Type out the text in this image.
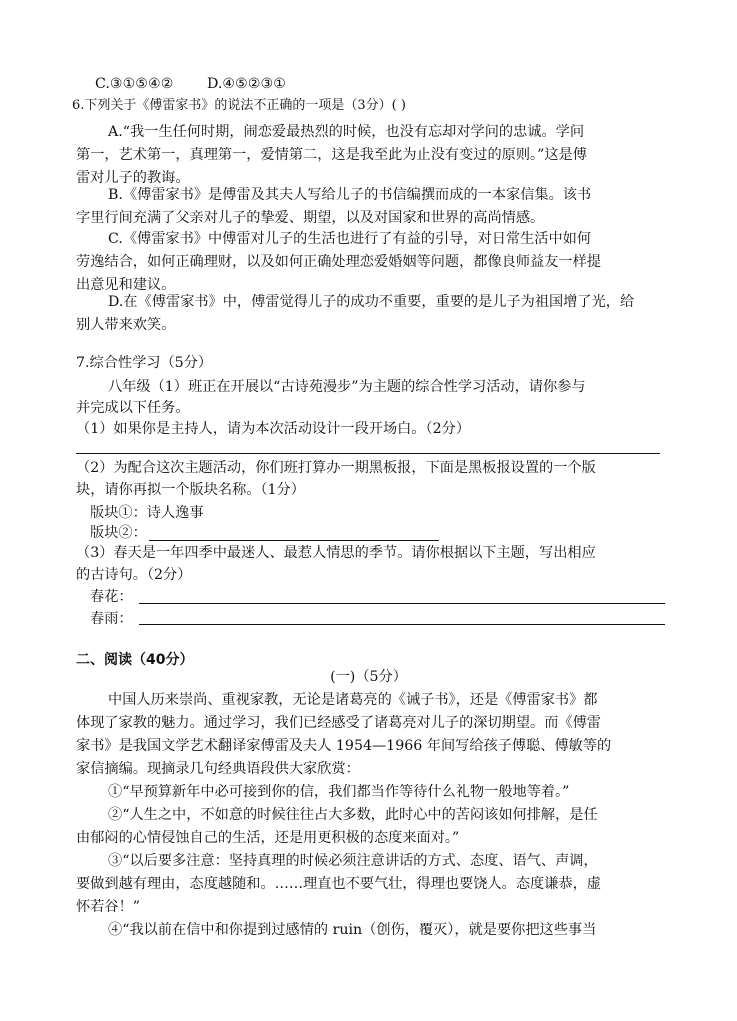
C.③①⑤④② D.④⑤②③①
6.下列关于《傅雷家书》的说法不正确的一项是（3分）( )
A.“我一生任何时期，闹恋爱最热烈的时候，也没有忘却对学问的忠诚。学问
第一，艺术第一，真理第一，爱情第二，这是我至此为止没有变过的原则。”这是傅
雷对儿子的教诲。
B.《傅雷家书》是傅雷及其夫人写给儿子的书信编撰而成的一本家信集。该书
字里行间充满了父亲对儿子的挚爱、期望，以及对国家和世界的高尚情感。
C.《傅雷家书》中傅雷对儿子的生活也进行了有益的引导，对日常生活中如何
劳逸结合，如何正确理财，以及如何正确处理恋爱婚姻等问题，都像良师益友一样提
出意见和建议。
D.在《傅雷家书》中，傅雷觉得儿子的成功不重要，重要的是儿子为祖国增了光，给
别人带来欢笑。
7.综合性学习（5分）
八年级（1）班正在开展以“古诗苑漫步”为主题的综合性学习活动，请你参与
并完成以下任务。
（1）如果你是主持人，请为本次活动设计一段开场白。（2分）
（2）为配合这次主题活动，你们班打算办一期黑板报，下面是黑板报设置的一个版
块，请你再拟一个版块名称。（1分）
版块①：诗人逸事
版块②：
（3）春天是一年四季中最迷人、最惹人情思的季节。请你根据以下主题，写出相应
的古诗句。（2分）
春花：
春雨：
二、阅读（40分）
(一)（5分）
中国人历来崇尚、重视家教，无论是诸葛亮的《诫子书》，还是《傅雷家书》都
体现了家教的魅力。通过学习，我们已经感受了诸葛亮对儿子的深切期望。而《傅雷
家书》是我国文学艺术翻译家傅雷及夫人 1954—1966 年间写给孩子傅聪、傅敏等的
家信摘编。现摘录几句经典语段供大家欣赏：
①“早预算新年中必可接到你的信，我们都当作等待什么礼物一般地等着。”
②“人生之中，不如意的时候往往占大多数，此时心中的苦闷该如何排解，是任
由郁闷的心情侵蚀自己的生活，还是用更积极的态度来面对。”
③“以后要多注意：坚持真理的时候必须注意讲话的方式、态度、语气、声调，
要做到越有理由，态度越随和。……理直也不要气壮，得理也要饶人。态度谦恭，虚
怀若谷！”
④“我以前在信中和你提到过感情的 ruin（创伤，覆灭），就是要你把这些事当
